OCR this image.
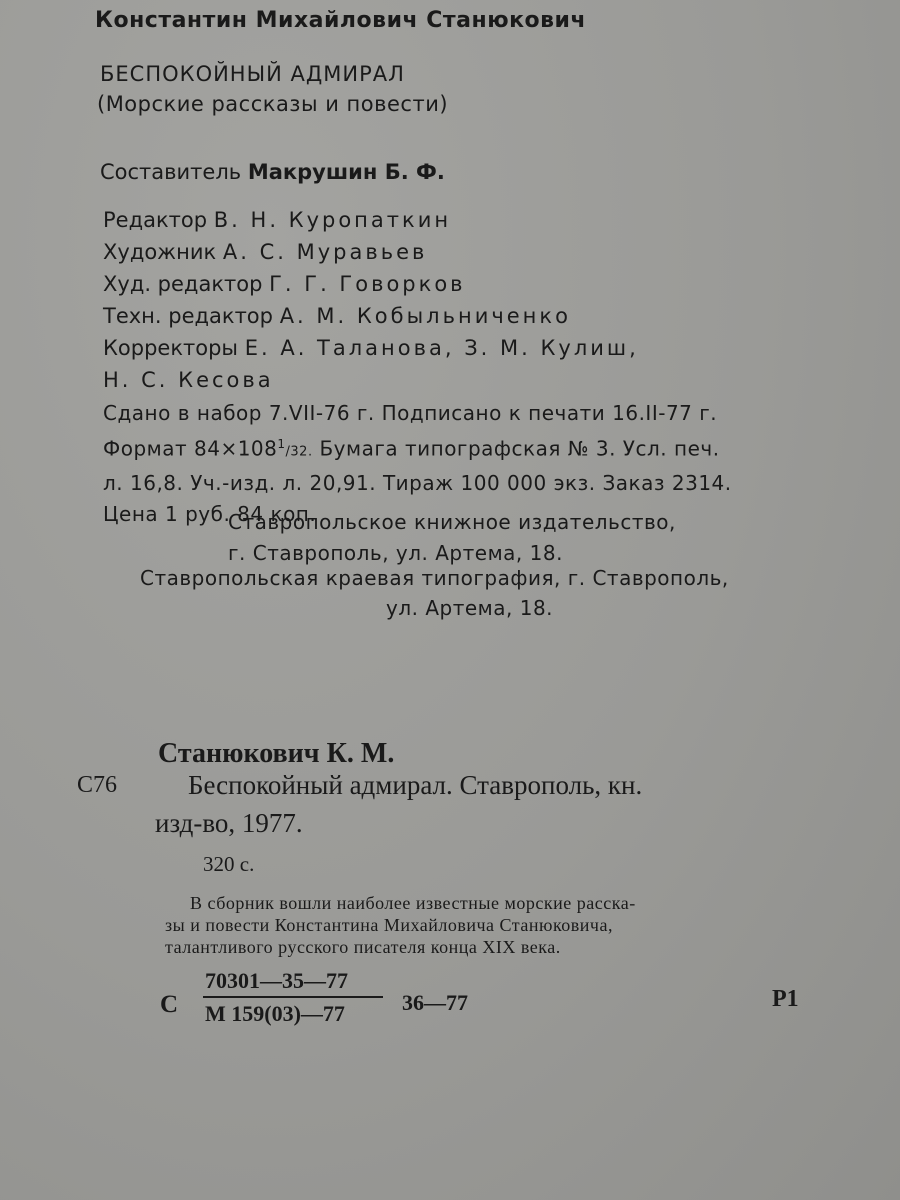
Константин Михайлович Станюкович
БЕСПОКОЙНЫЙ АДМИРАЛ
(Морские рассказы и повести)
Составитель Макрушин Б. Ф.
Редактор В. Н. Куропаткин
Художник А. С. Муравьев
Худ. редактор Г. Г. Говорков
Техн. редактор А. М. Кобыльниченко
Корректоры Е. А. Таланова, З. М. Кулиш,
Н. С. Кесова
Сдано в набор 7.VII-76 г. Подписано к печати 16.II-77 г.
Формат $84\times 108^1/32$. Бумага типографская № 3. Усл. печ.
л. 16,8. Уч.-изд. л. 20,91. Тираж 100 000 экз. Заказ 2314.
Цена 1 руб. 84 коп.
Ставропольское книжное издательство,
г. Ставрополь, ул. Артема, 18.
Ставропольская краевая типография, г. Ставрополь,
ул. Артема, 18.
Станюкович К. М.
С76	Беспокойный адмирал. Ставрополь, кн.
изд-во, 1977.
320 с.
В сборник вошли наиболее известные морские расска-
зы и повести Константина Михайловича Станюковича,
талантливого русского писателя конца XIX века.
С
70301—35—77
М 159(03)—77	36—77	Р1
